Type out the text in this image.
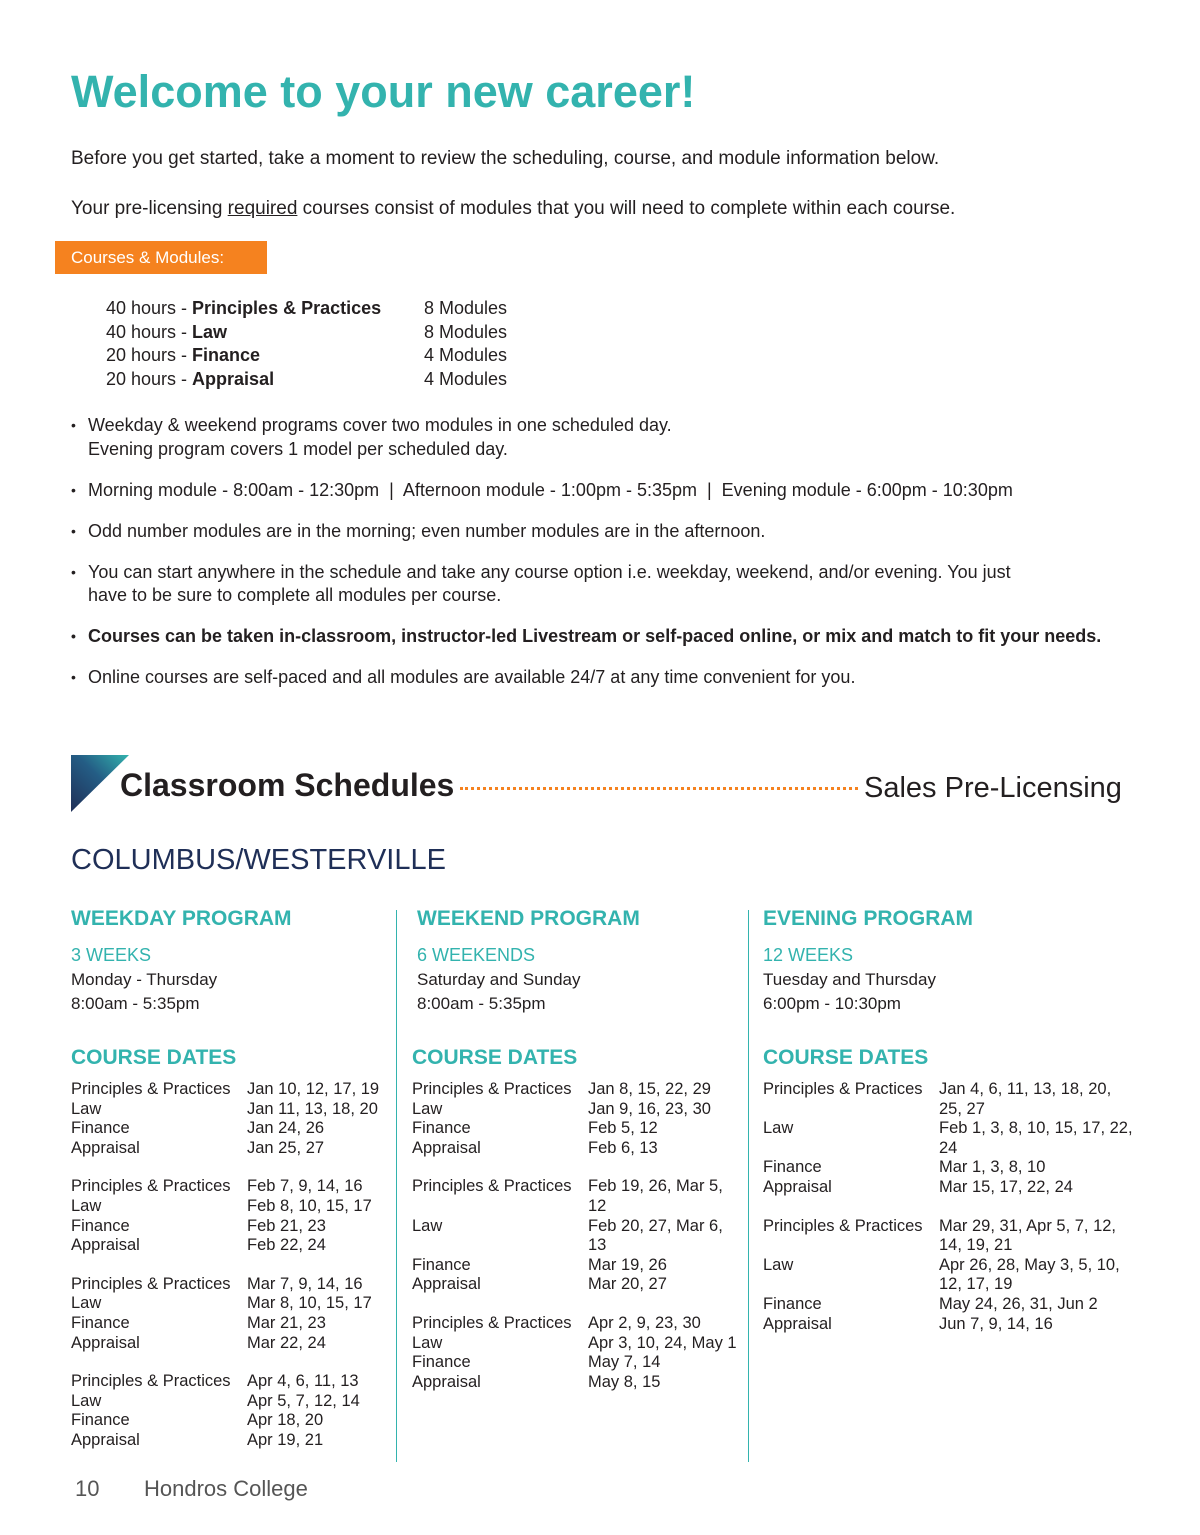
Welcome to your new career!

Before you get started, take a moment to review the scheduling, course, and module information below.

Your pre-licensing required courses consist of modules that you will need to complete within each course.

Courses & Modules:
40 hours - Principles & Practices	8 Modules
40 hours - Law	8 Modules
20 hours - Finance	4 Modules
20 hours - Appraisal	4 Modules
• Weekday & weekend programs cover two modules in one scheduled day.
Evening program covers 1 model per scheduled day.
• Morning module - 8:00am - 12:30pm  |  Afternoon module - 1:00pm - 5:35pm  |  Evening module - 6:00pm - 10:30pm
• Odd number modules are in the morning; even number modules are in the afternoon.
• You can start anywhere in the schedule and take any course option i.e. weekday, weekend, and/or evening. You just
have to be sure to complete all modules per course.
• Courses can be taken in-classroom, instructor-led Livestream or self-paced online, or mix and match to fit your needs.
• Online courses are self-paced and all modules are available 24/7 at any time convenient for you.
Classroom Schedules	Sales Pre-Licensing
COLUMBUS/WESTERVILLE
WEEKDAY PROGRAM
3 WEEKS
Monday - Thursday
8:00am - 5:35pm
COURSE DATES
Principles & Practices Jan 10, 12, 17, 19
Law	Jan 11, 13, 18, 20
Finance	Jan 24, 26
Appraisal	Jan 25, 27
Principles & Practices Feb 7, 9, 14, 16
Law	Feb 8, 10, 15, 17
Finance	Feb 21, 23
Appraisal	Feb 22, 24
Principles & Practices Mar 7, 9, 14, 16
Law	Mar 8, 10, 15, 17
Finance	Mar 21, 23
Appraisal	Mar 22, 24
Principles & Practices Apr 4, 6, 11, 13
Law	Apr 5, 7, 12, 14
Finance	Apr 18, 20
Appraisal	Apr 19, 21
WEEKEND PROGRAM
6 WEEKENDS
Saturday and Sunday
8:00am - 5:35pm
COURSE DATES
Principles & Practices Jan 8, 15, 22, 29
Law	Jan 9, 16, 23, 30
Finance	Feb 5, 12
Appraisal	Feb 6, 13
Principles & Practices Feb 19, 26, Mar 5, 12
Law	Feb 20, 27, Mar 6, 13
Finance	Mar 19, 26
Appraisal	Mar 20, 27
Principles & Practices Apr 2, 9, 23, 30
Law	Apr 3, 10, 24, May 1
Finance	May 7, 14
Appraisal	May 8, 15
EVENING PROGRAM
12 WEEKS
Tuesday and Thursday
6:00pm - 10:30pm
COURSE DATES
Principles & Practices Jan 4, 6, 11, 13, 18, 20, 25, 27
Law	Feb 1, 3, 8, 10, 15, 17, 22, 24
Finance	Mar 1, 3, 8, 10
Appraisal	Mar 15, 17, 22, 24
Principles & Practices Mar 29, 31, Apr 5, 7, 12, 14, 19, 21
Law	Apr 26, 28, May 3, 5, 10, 12, 17, 19
Finance	May 24, 26, 31, Jun 2
Appraisal	Jun 7, 9, 14, 16
10 Hondros College
